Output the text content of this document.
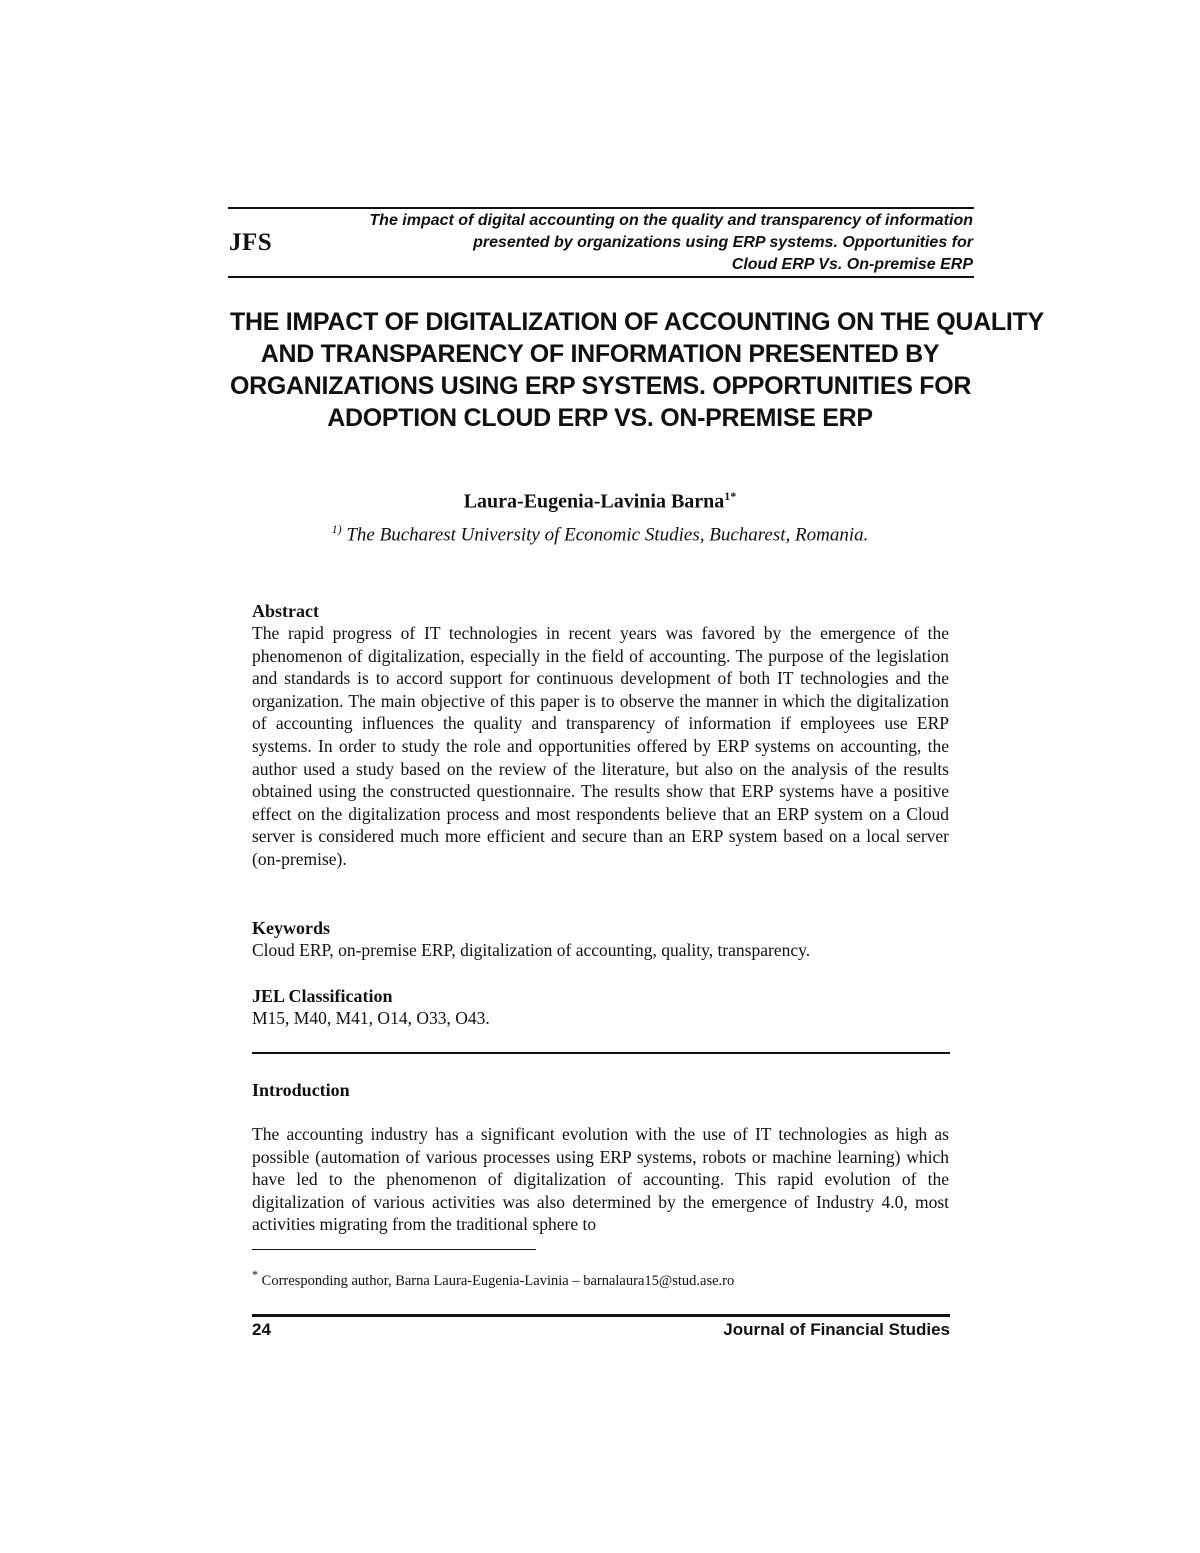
JFS
The impact of digital accounting on the quality and transparency of information
presented by organizations using ERP systems. Opportunities for
Cloud ERP Vs. On-premise ERP
THE IMPACT OF DIGITALIZATION OF ACCOUNTING ON THE QUALITY
AND TRANSPARENCY OF INFORMATION PRESENTED BY
ORGANIZATIONS USING ERP SYSTEMS. OPPORTUNITIES FOR
ADOPTION CLOUD ERP VS. ON-PREMISE ERP
Laura-Eugenia-Lavinia Barna$^{1*}$
$^{1)}$ The Bucharest University of Economic Studies, Bucharest, Romania.
Abstract
The rapid progress of IT technologies in recent years was favored by the emergence of the phenomenon of digitalization, especially in the field of accounting. The purpose of the legislation and standards is to accord support for continuous development of both IT technologies and the organization. The main objective of this paper is to observe the manner in which the digitalization of accounting influences the quality and transparency of information if employees use ERP systems. In order to study the role and opportunities offered by ERP systems on accounting, the author used a study based on the review of the literature, but also on the analysis of the results obtained using the constructed questionnaire. The results show that ERP systems have a positive effect on the digitalization process and most respondents believe that an ERP system on a Cloud server is considered much more efficient and secure than an ERP system based on a local server (on-premise).
Keywords
Cloud ERP, on-premise ERP, digitalization of accounting, quality, transparency.
JEL Classification
M15, M40, M41, O14, O33, O43.
Introduction
The accounting industry has a significant evolution with the use of IT technologies as high as possible (automation of various processes using ERP systems, robots or machine learning) which have led to the phenomenon of digitalization of accounting. This rapid evolution of the digitalization of various activities was also determined by the emergence of Industry 4.0, most activities migrating from the traditional sphere to
* Corresponding author, Barna Laura-Eugenia-Lavinia – barnalaura15@stud.ase.ro
24	Journal of Financial Studies
